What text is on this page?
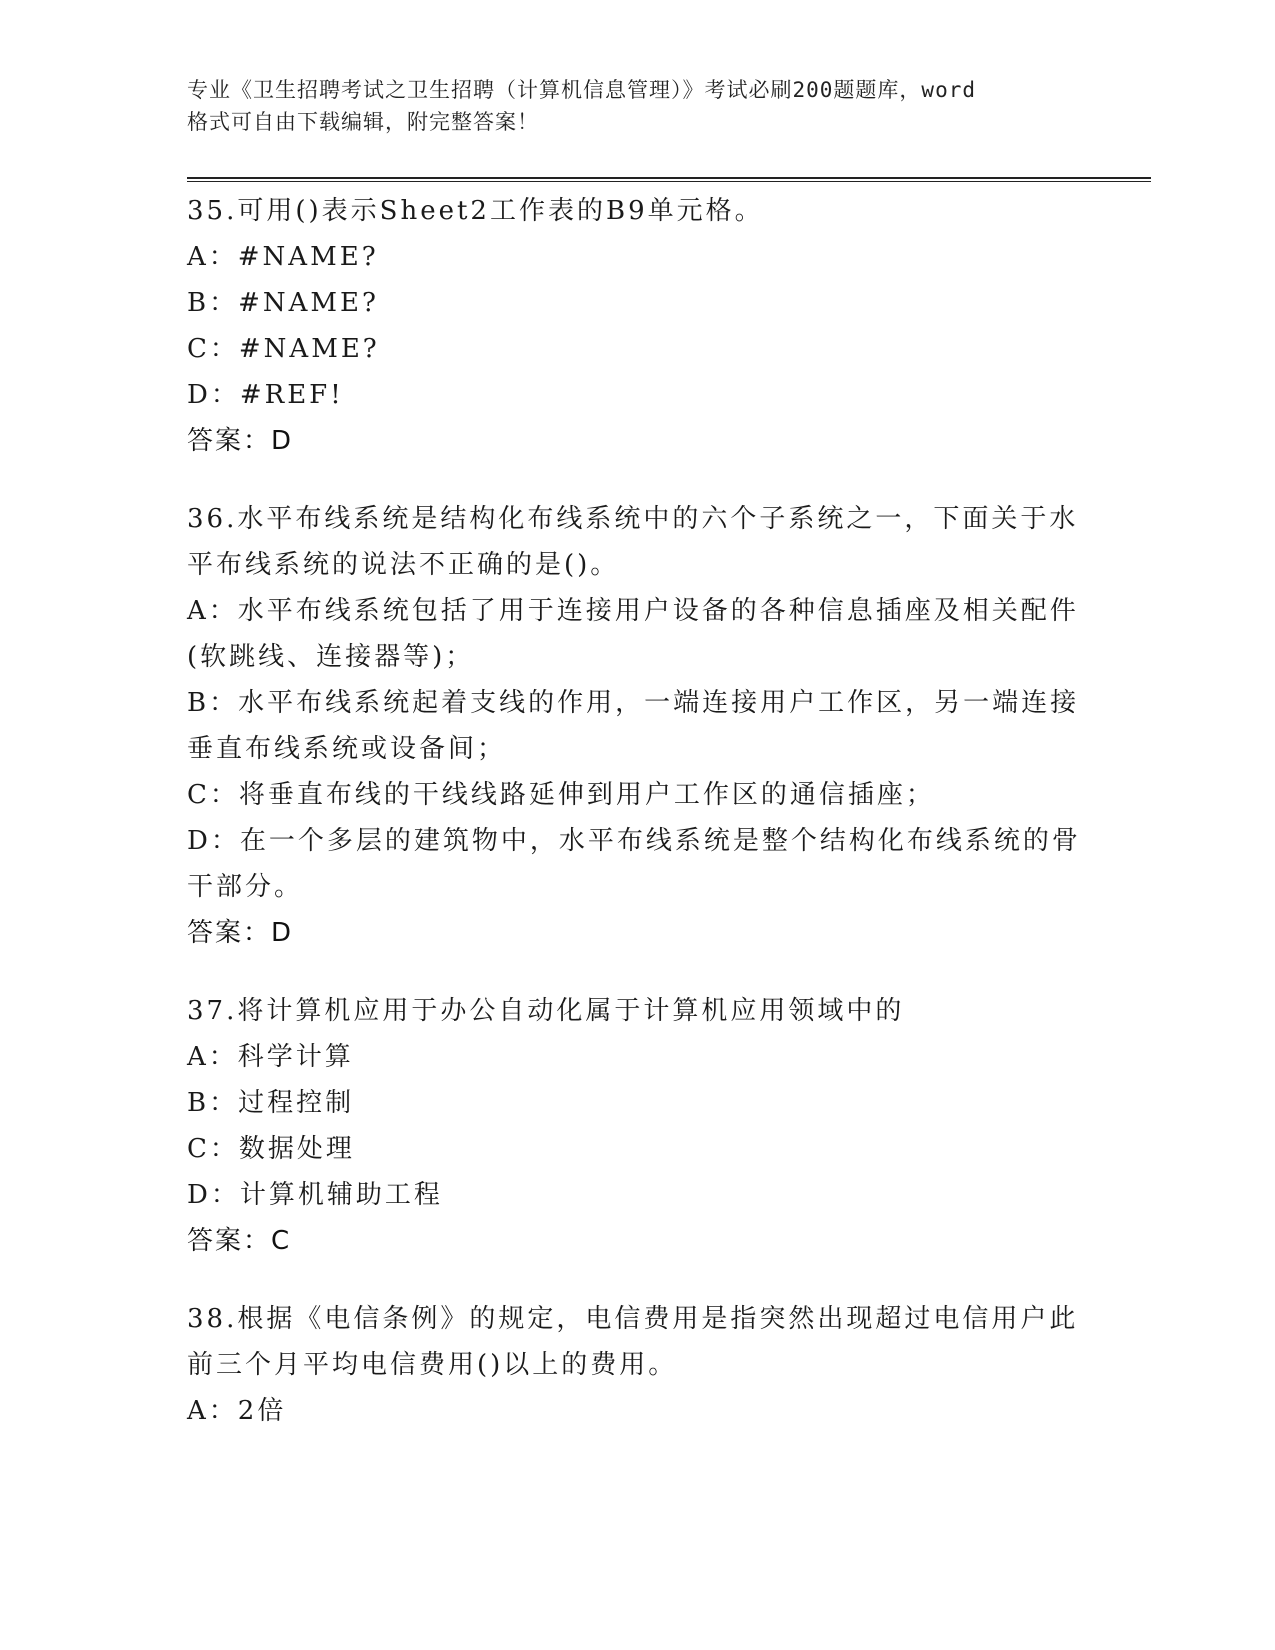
专业《卫生招聘考试之卫生招聘（计算机信息管理）》考试必刷200题题库，word
格式可自由下载编辑，附完整答案！
35.可用()表示Sheet2工作表的B9单元格。
A：#NAME?
B：#NAME?
C：#NAME?
D：#REF!
答案：D
36.水平布线系统是结构化布线系统中的六个子系统之一，下面关于水
平布线系统的说法不正确的是()。
A：水平布线系统包括了用于连接用户设备的各种信息插座及相关配件
(软跳线、连接器等)；
B：水平布线系统起着支线的作用，一端连接用户工作区，另一端连接
垂直布线系统或设备间；
C：将垂直布线的干线线路延伸到用户工作区的通信插座；
D：在一个多层的建筑物中，水平布线系统是整个结构化布线系统的骨
干部分。
答案：D
37.将计算机应用于办公自动化属于计算机应用领域中的
A：科学计算
B：过程控制
C：数据处理
D：计算机辅助工程
答案：C
38.根据《电信条例》的规定，电信费用是指突然出现超过电信用户此
前三个月平均电信费用()以上的费用。
A：2倍
